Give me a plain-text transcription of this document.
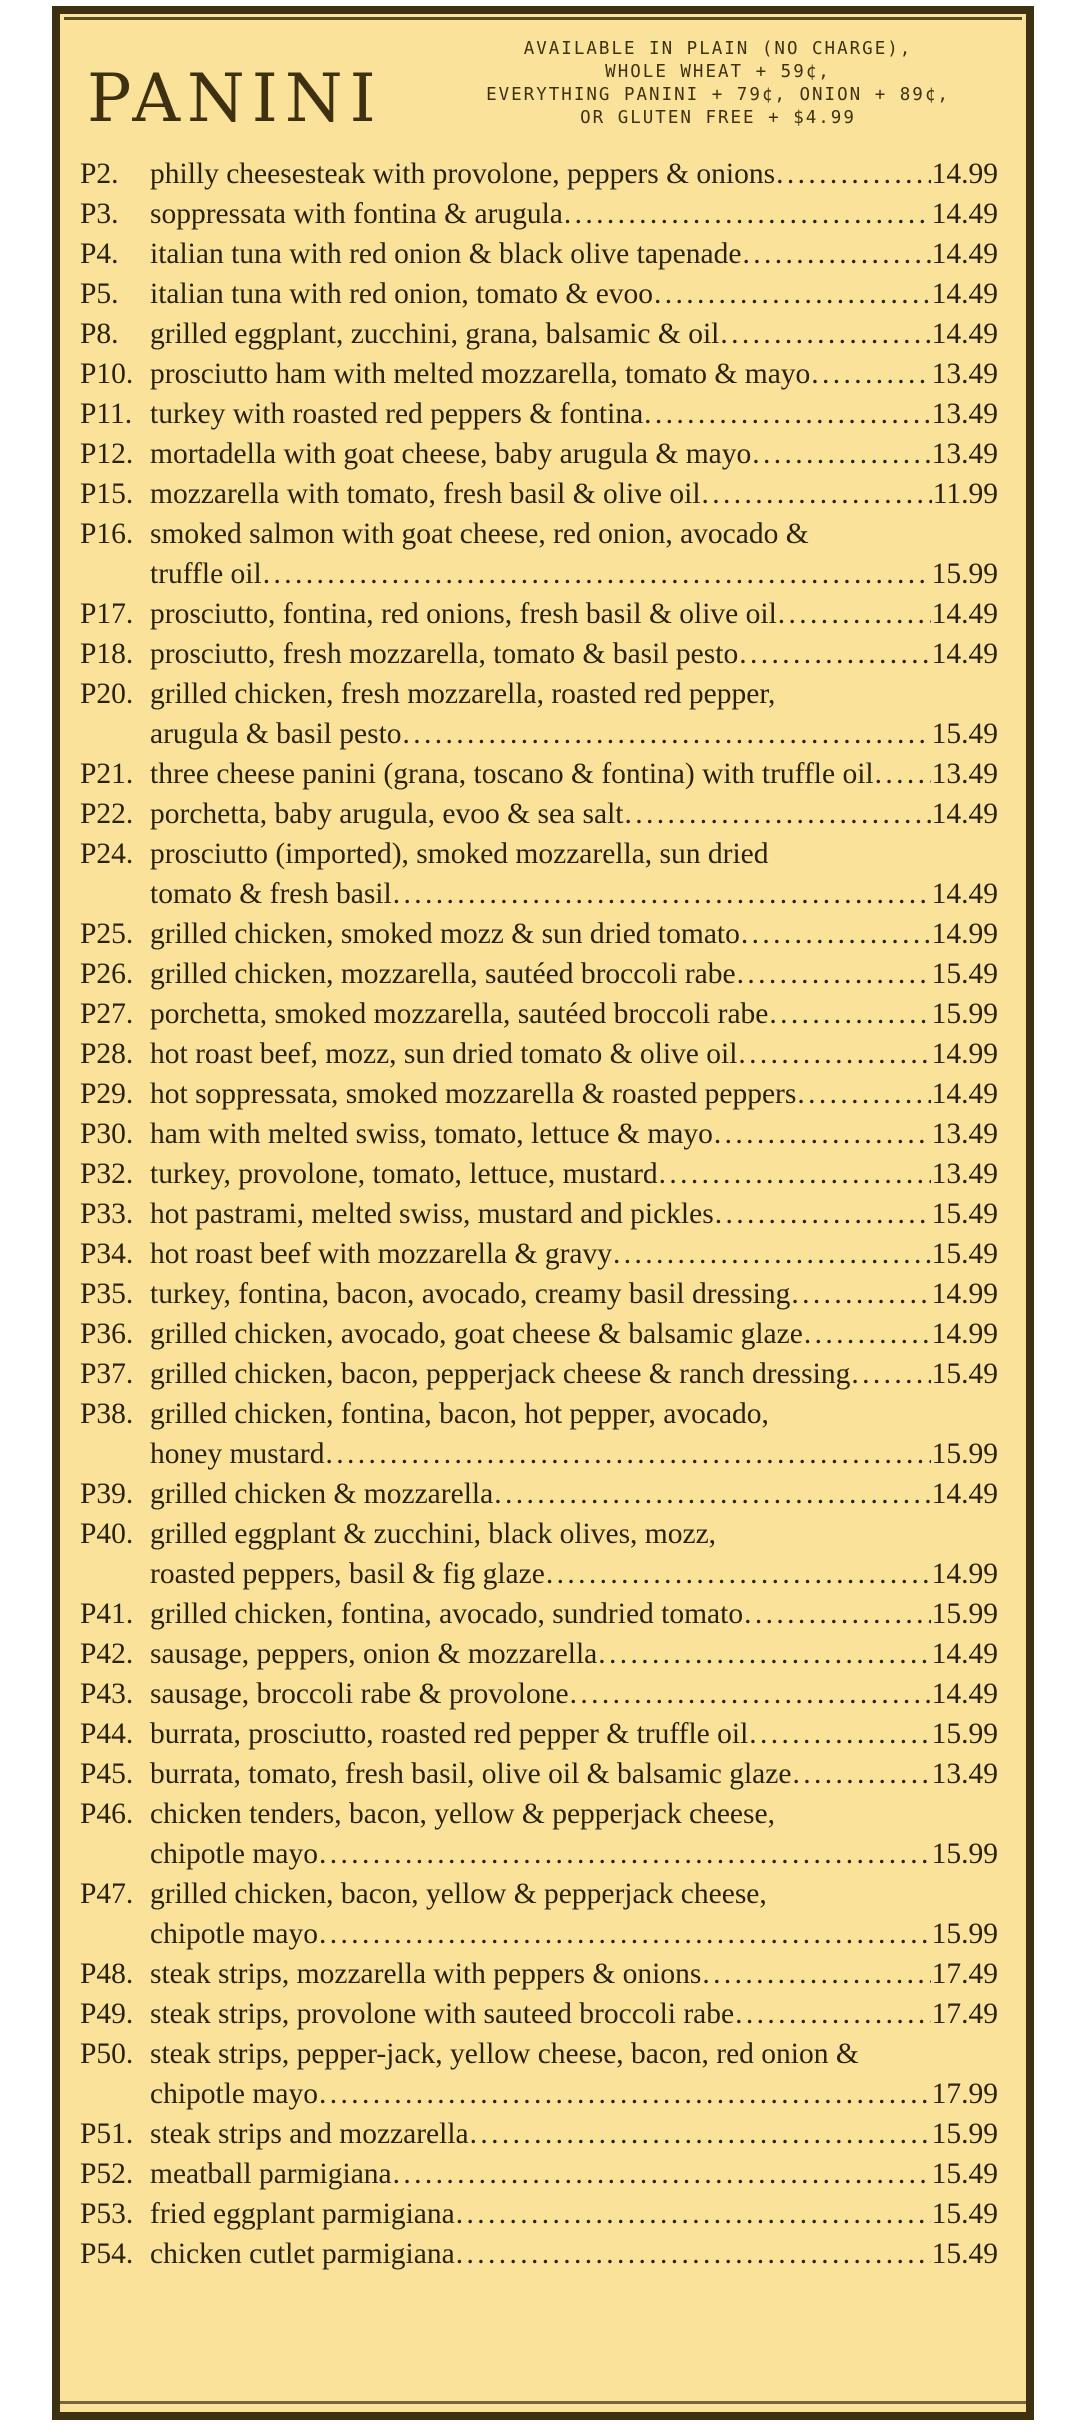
PANINI

AVAILABLE IN PLAIN (NO CHARGE),
WHOLE WHEAT + 59¢,
EVERYTHING PANINI + 79¢, ONION + 89¢,
OR GLUTEN FREE + $4.99

P2.	philly cheesesteak with provolone, peppers & onions . . .	14.99
P3.	soppressata with fontina & arugula . . .	14.49
P4.	italian tuna with red onion & black olive tapenade . . .	14.49
P5.	italian tuna with red onion, tomato & evoo . . .	14.49
P8.	grilled eggplant, zucchini, grana, balsamic & oil . . .	14.49
P10. prosciutto ham with melted mozzarella, tomato & mayo . . .	13.49
P11. turkey with roasted red peppers & fontina . . .	13.49
P12. mortadella with goat cheese, baby arugula & mayo . . .	13.49
P15. mozzarella with tomato, fresh basil & olive oil . . .	11.99
P16. smoked salmon with goat cheese, red onion, avocado &
truffle oil . . .	15.99
P17. prosciutto, fontina, red onions, fresh basil & olive oil . . .	14.49
P18. prosciutto, fresh mozzarella, tomato & basil pesto . . .	14.49
P20. grilled chicken, fresh mozzarella, roasted red pepper,
arugula & basil pesto . . .	15.49
P21. three cheese panini (grana, toscano & fontina) with truffle oil . . . 13.49
P22. porchetta, baby arugula, evoo & sea salt . . .	14.49
P24. prosciutto (imported), smoked mozzarella, sun dried
tomato & fresh basil . . .	14.49
P25. grilled chicken, smoked mozz & sun dried tomato . . .	14.99
P26. grilled chicken, mozzarella, sautéed broccoli rabe . . .	15.49
P27. porchetta, smoked mozzarella, sautéed broccoli rabe . . .	15.99
P28. hot roast beef, mozz, sun dried tomato & olive oil . . .	14.99
P29. hot soppressata, smoked mozzarella & roasted peppers . . .	14.49
P30. ham with melted swiss, tomato, lettuce & mayo . . .	13.49
P32. turkey, provolone, tomato, lettuce, mustard . . .	13.49
P33. hot pastrami, melted swiss, mustard and pickles . . .	15.49
P34. hot roast beef with mozzarella & gravy . . .	15.49
P35. turkey, fontina, bacon, avocado, creamy basil dressing . . .	14.99
P36. grilled chicken, avocado, goat cheese & balsamic glaze . . .	14.99
P37. grilled chicken, bacon, pepperjack cheese & ranch dressing . . .	15.49
P38. grilled chicken, fontina, bacon, hot pepper, avocado,
honey mustard . . .	15.99
P39. grilled chicken & mozzarella . . .	14.49
P40. grilled eggplant & zucchini, black olives, mozz,
roasted peppers, basil & fig glaze . . .	14.99
P41. grilled chicken, fontina, avocado, sundried tomato . . .	15.99
P42. sausage, peppers, onion & mozzarella . . .	14.49
P43. sausage, broccoli rabe & provolone . . .	14.49
P44. burrata, prosciutto, roasted red pepper & truffle oil . . .	15.99
P45. burrata, tomato, fresh basil, olive oil & balsamic glaze . . .	13.49
P46. chicken tenders, bacon, yellow & pepperjack cheese,
chipotle mayo . . .	15.99
P47. grilled chicken, bacon, yellow & pepperjack cheese,
chipotle mayo . . .	15.99
P48. steak strips, mozzarella with peppers & onions . . .	17.49
P49. steak strips, provolone with sauteed broccoli rabe . . .	17.49
P50. steak strips, pepper-jack, yellow cheese, bacon, red onion &
chipotle mayo . . .	17.99
P51. steak strips and mozzarella . . .	15.99
P52. meatball parmigiana . . .	15.49
P53. fried eggplant parmigiana . . .	15.49
P54. chicken cutlet parmigiana . . .	15.49
